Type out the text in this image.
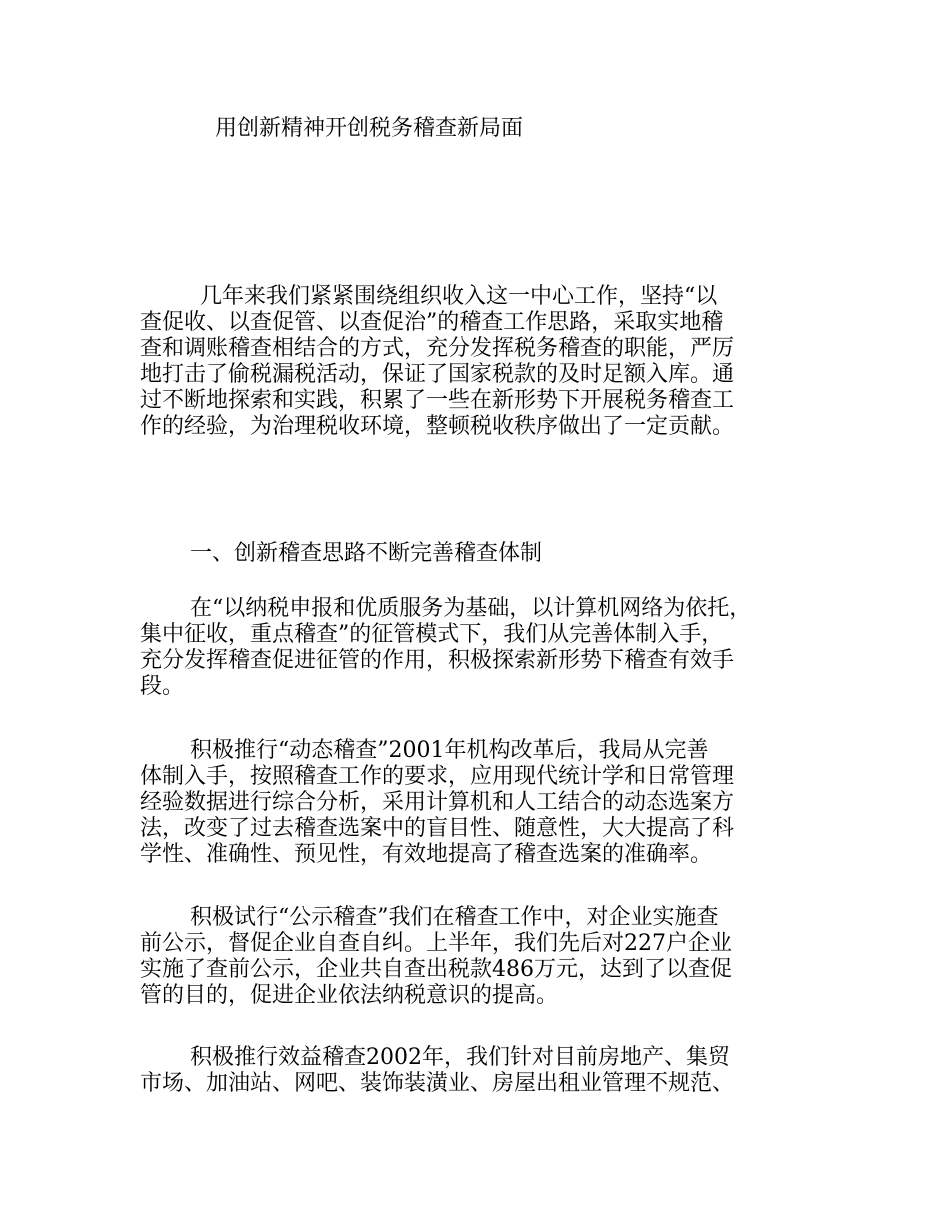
用创新精神开创税务稽查新局面

几年来我们紧紧围绕组织收入这一中心工作，坚持“以
查促收、以查促管、以查促治”的稽查工作思路，采取实地稽
查和调账稽查相结合的方式，充分发挥税务稽查的职能，严厉
地打击了偷税漏税活动，保证了国家税款的及时足额入库。通
过不断地探索和实践，积累了一些在新形势下开展税务稽查工
作的经验，为治理税收环境，整顿税收秩序做出了一定贡献。

一、创新稽查思路不断完善稽查体制

在“以纳税申报和优质服务为基础，以计算机网络为依托，
集中征收，重点稽查”的征管模式下，我们从完善体制入手，
充分发挥稽查促进征管的作用，积极探索新形势下稽查有效手
段。

积极推行“动态稽查”2001年机构改革后，我局从完善
体制入手，按照稽查工作的要求，应用现代统计学和日常管理
经验数据进行综合分析，采用计算机和人工结合的动态选案方
法，改变了过去稽查选案中的盲目性、随意性，大大提高了科
学性、准确性、预见性，有效地提高了稽查选案的准确率。

积极试行“公示稽查”我们在稽查工作中，对企业实施查
前公示，督促企业自查自纠。上半年，我们先后对227户企业
实施了查前公示，企业共自查出税款486万元，达到了以查促
管的目的，促进企业依法纳税意识的提高。

积极推行效益稽查2002年，我们针对目前房地产、集贸
市场、加油站、网吧、装饰装潢业、房屋出租业管理不规范、
